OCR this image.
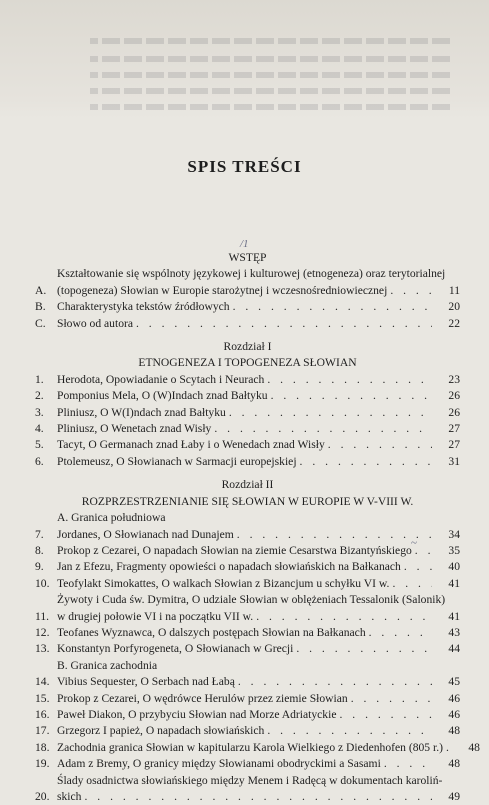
SPIS TREŚCI
/1
~
WSTĘP
A.
Kształtowanie się wspólnoty językowej i kulturowej (etnogeneza) oraz terytorialnej
(topogeneza) Słowian w Europie starożytnej i wczesnośredniowiecznej . . .	11
B. Charakterystyka tekstów źródłowych . . .	20
C. Słowo od autora . . .	22
Rozdział I
ETNOGENEZA I TOPOGENEZA SŁOWIAN
1.	Herodota, Opowiadanie o Scytach i Neurach . . .	23
2.	Pomponius Mela, O (W)Indach znad Bałtyku . . .	26
3.	Pliniusz, O W(I)ndach znad Bałtyku . . .	26
4.	Pliniusz, O Wenetach znad Wisły . . .	27
5.	Tacyt, O Germanach znad Łaby i o Wenedach znad Wisły . . .	27
6.	Ptolemeusz, O Słowianach w Sarmacji europejskiej . . .	31
Rozdział II
ROZPRZESTRZENIANIE SIĘ SŁOWIAN W EUROPIE W V-VIII W.
A. Granica południowa
7.	Jordanes, O Słowianach nad Dunajem . . .	34
8.	Prokop z Cezarei, O napadach Słowian na ziemie Cesarstwa Bizantyńskiego . . .	35
9.	Jan z Efezu, Fragmenty opowieści o napadach słowiańskich na Bałkanach . . .	40
10. Teofylakt Simokattes, O walkach Słowian z Bizancjum u schyłku VI w. . . .	41
11.
Żywoty i Cuda św. Dymitra, O udziale Słowian w oblężeniach Tessalonik (Salonik)
w drugiej połowie VI i na początku VII w. . . .	41
12. Teofanes Wyznawca, O dalszych postępach Słowian na Bałkanach . . .	43
13. Konstantyn Porfyrogeneta, O Słowianach w Grecji . . .	44
B. Granica zachodnia
14. Vibius Sequester, O Serbach nad Łabą . . .	45
15. Prokop z Cezarei, O wędrówce Herulów przez ziemie Słowian . . .	46
16. Paweł Diakon, O przybyciu Słowian nad Morze Adriatyckie . . .	46
17. Grzegorz I papież, O napadach słowiańskich . . .	48
18. Zachodnia granica Słowian w kapitularzu Karola Wielkiego z Diedenhofen (805 r.) . . .	48
19. Adam z Bremy, O granicy między Słowianami obodryckimi a Sasami . . .	48
20.
Ślady osadnictwa słowiańskiego między Menem i Radęcą w dokumentach karoliń-
skich . . .	49
